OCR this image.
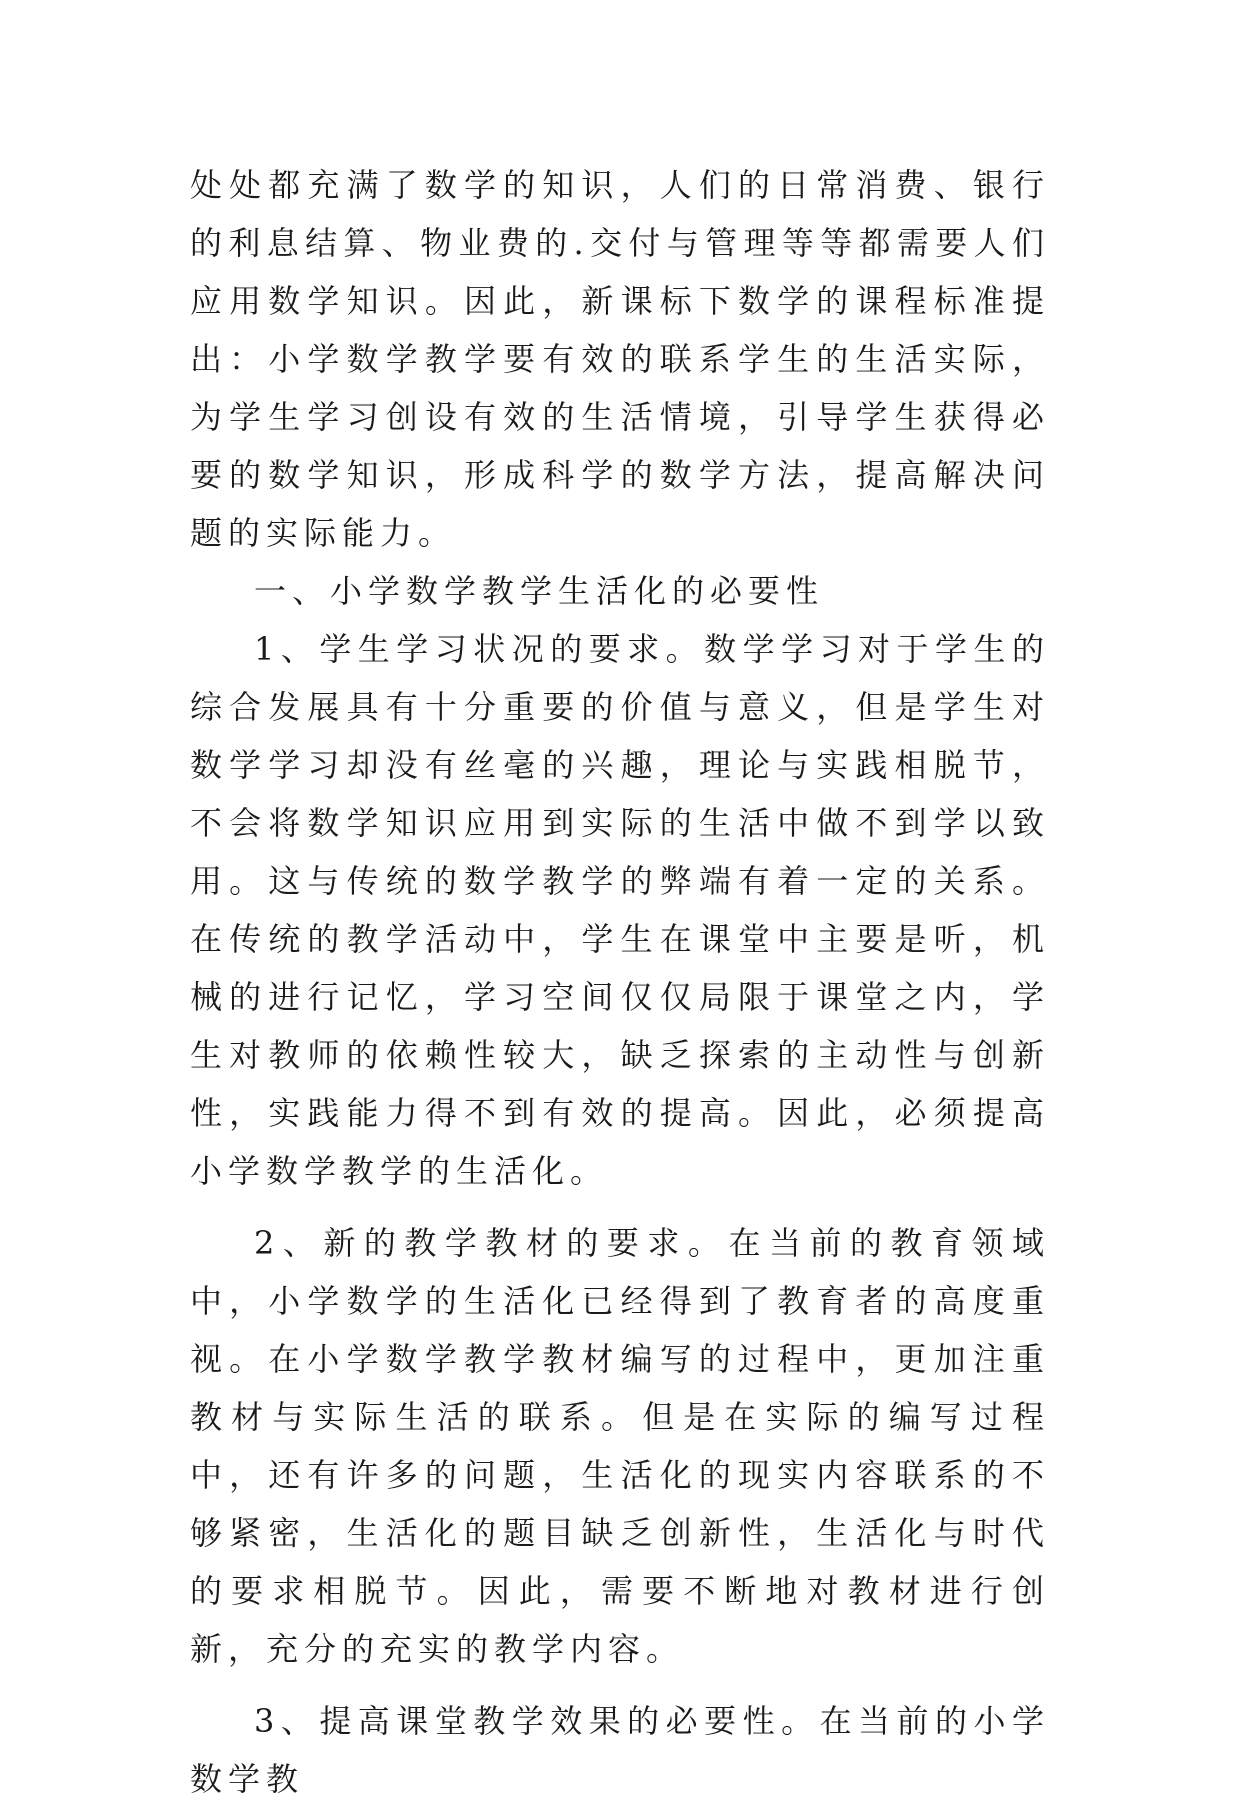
处处都充满了数学的知识，人们的日常消费、银行的利息结算、物业费的.交付与管理等等都需要人们应用数学知识。因此，新课标下数学的课程标准提出：小学数学教学要有效的联系学生的生活实际，为学生学习创设有效的生活情境，引导学生获得必要的数学知识，形成科学的数学方法，提高解决问题的实际能力。

一、小学数学教学生活化的必要性

1、学生学习状况的要求。数学学习对于学生的综合发展具有十分重要的价值与意义，但是学生对数学学习却没有丝毫的兴趣，理论与实践相脱节，不会将数学知识应用到实际的生活中做不到学以致用。这与传统的数学教学的弊端有着一定的关系。在传统的教学活动中，学生在课堂中主要是听，机械的进行记忆，学习空间仅仅局限于课堂之内，学生对教师的依赖性较大，缺乏探索的主动性与创新性，实践能力得不到有效的提高。因此，必须提高小学数学教学的生活化。

2、新的教学教材的要求。在当前的教育领域中，小学数学的生活化已经得到了教育者的高度重视。在小学数学教学教材编写的过程中，更加注重教材与实际生活的联系。但是在实际的编写过程中，还有许多的问题，生活化的现实内容联系的不够紧密，生活化的题目缺乏创新性，生活化与时代的要求相脱节。因此，需要不断地对教材进行创新，充分的充实的教学内容。

3、提高课堂教学效果的必要性。在当前的小学数学教
